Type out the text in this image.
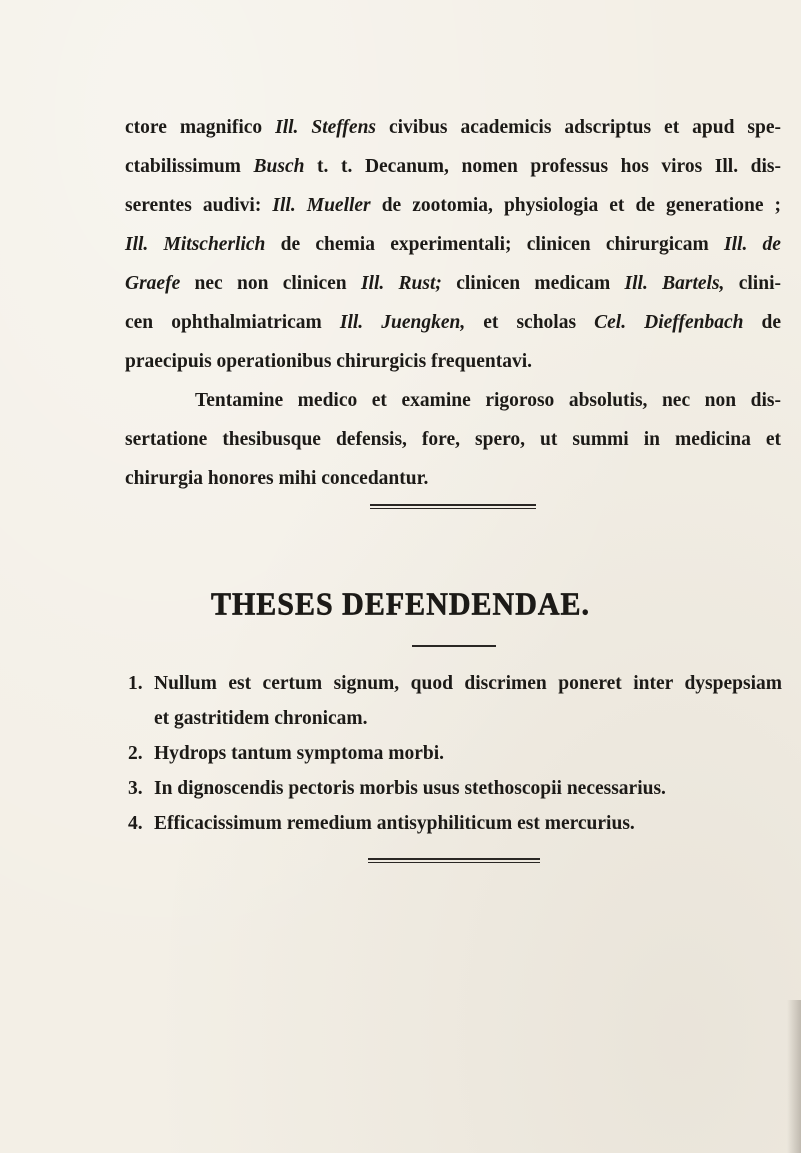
ctore magnifico Ill. Steffens civibus academicis adscriptus et apud spe-
ctabilissimum Busch t. t. Decanum, nomen professus hos viros Ill. dis-
serentes audivi: Ill. Mueller de zootomia, physiologia et de generatione ;
Ill. Mitscherlich de chemia experimentali; clinicen chirurgicam Ill. de
Graefe nec non clinicen Ill. Rust; clinicen medicam Ill. Bartels, clini-
cen ophthalmiatricam Ill. Juengken, et scholas Cel. Dieffenbach de
praecipuis operationibus chirurgicis frequentavi.
Tentamine medico et examine rigoroso absolutis, nec non dis-
sertatione thesibusque defensis, fore, spero, ut summi in medicina et
chirurgia honores mihi concedantur.
THESES DEFENDENDAE.
1. Nullum est certum signum, quod discrimen poneret inter dyspepsiam
et gastritidem chronicam.
2. Hydrops tantum symptoma morbi.
3. In dignoscendis pectoris morbis usus stethoscopii necessarius.
4. Efficacissimum remedium antisyphiliticum est mercurius.
